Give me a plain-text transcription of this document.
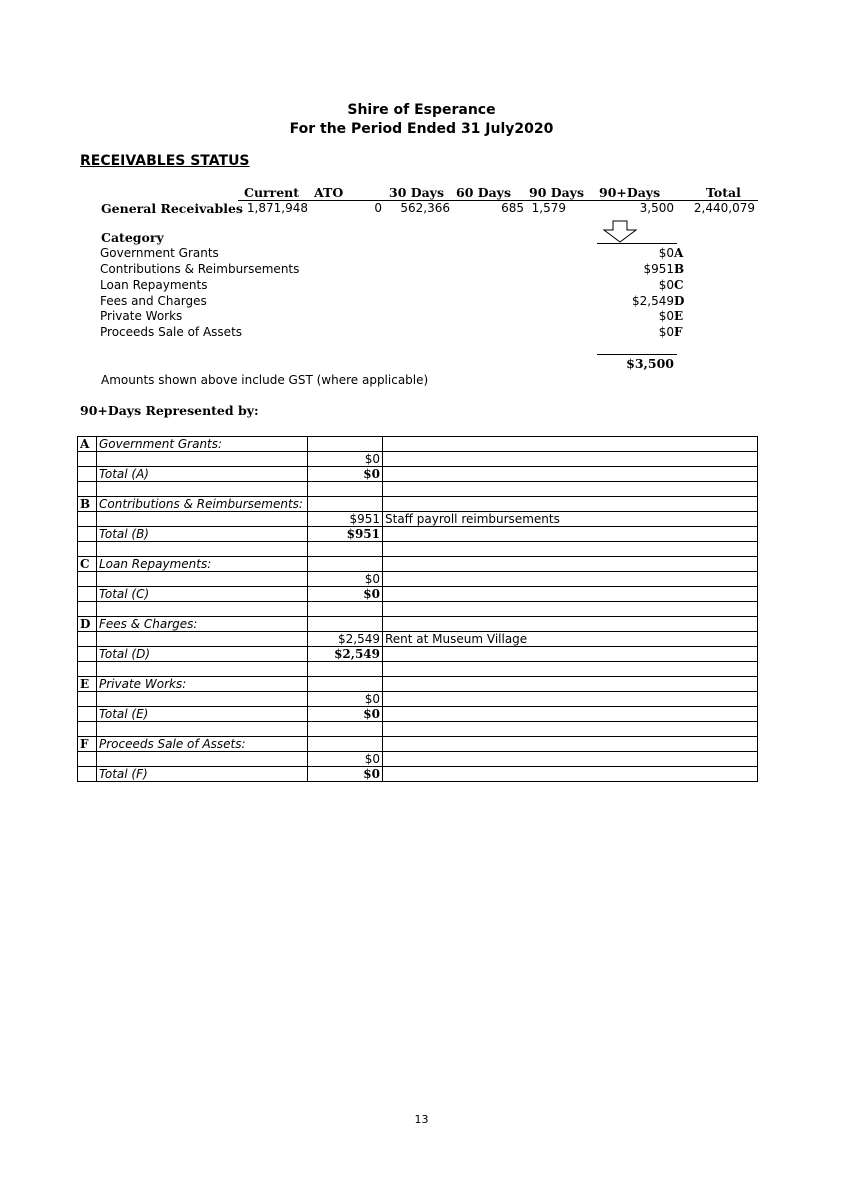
Shire of Esperance
For the Period Ended 31 July2020
RECEIVABLES STATUS
Current ATO	30 Days 60 Days 90 Days 90+Days	Total
General Receivables 1,871,948	0	562,366	685 1,579	3,500	2,440,079
Category
Government Grants	$0 A
Contributions & Reimbursements	$951 B
Loan Repayments	$0 C
Fees and Charges	$2,549 D
Private Works	$0 E
Proceeds Sale of Assets	$0 F
$3,500
Amounts shown above include GST (where applicable)
90+Days Represented by:
A	Government Grants:		
		$0	
	Total (A)	$0	

B	Contributions & Reimbursements:		
		$951	Staff payroll reimbursements
	Total (B)	$951	

C	Loan Repayments:		
		$0	
	Total (C)	$0	

D	Fees & Charges:		
		$2,549	Rent at Museum Village
	Total (D)	$2,549	

E	Private Works:		
		$0	
	Total (E)	$0	

F	Proceeds Sale of Assets:		
		$0	
	Total (F)	$0	
13
